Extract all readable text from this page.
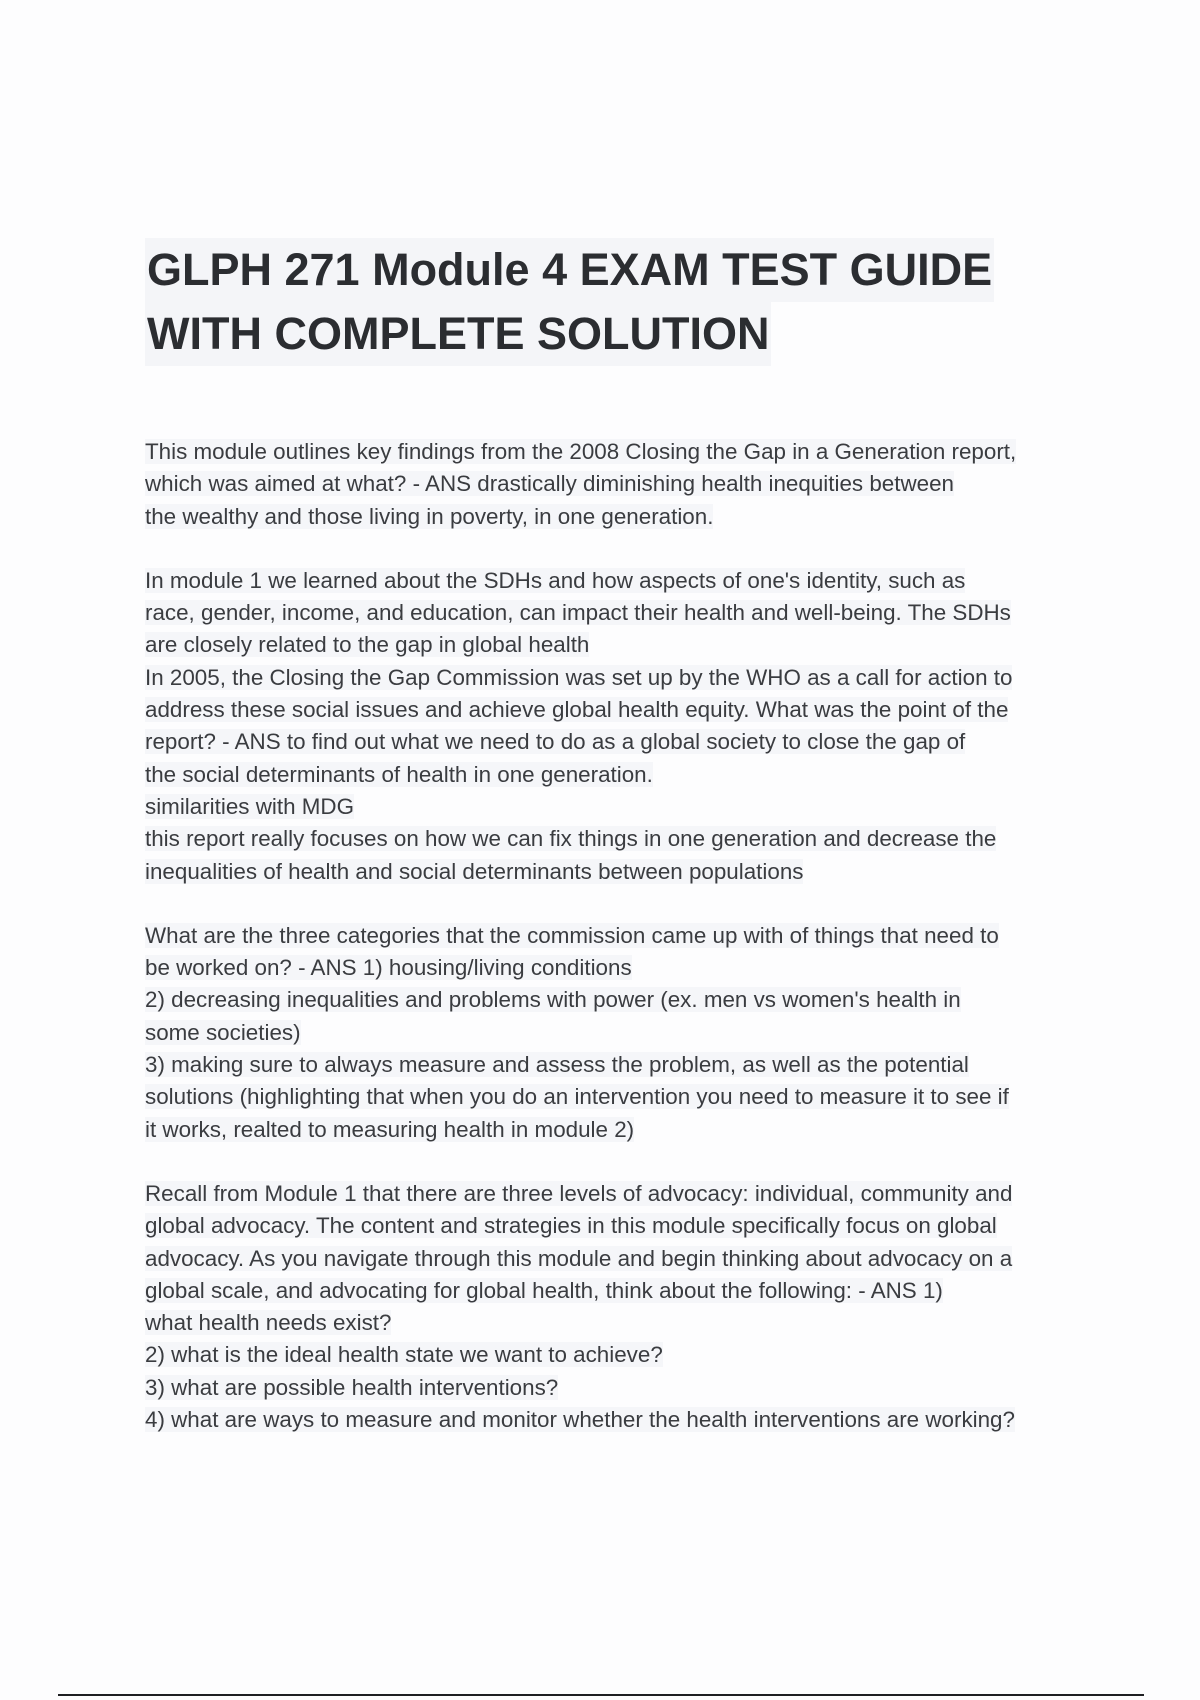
GLPH 271 Module 4 EXAM TEST GUIDE
WITH COMPLETE SOLUTION
This module outlines key findings from the 2008 Closing the Gap in a Generation report,
which was aimed at what? - ANS drastically diminishing health inequities between
the wealthy and those living in poverty, in one generation.
In module 1 we learned about the SDHs and how aspects of one's identity, such as
race, gender, income, and education, can impact their health and well-being. The SDHs
are closely related to the gap in global health
In 2005, the Closing the Gap Commission was set up by the WHO as a call for action to
address these social issues and achieve global health equity. What was the point of the
report? - ANS to find out what we need to do as a global society to close the gap of
the social determinants of health in one generation.
similarities with MDG
this report really focuses on how we can fix things in one generation and decrease the
inequalities of health and social determinants between populations
What are the three categories that the commission came up with of things that need to
be worked on? - ANS 1) housing/living conditions
2) decreasing inequalities and problems with power (ex. men vs women's health in
some societies)
3) making sure to always measure and assess the problem, as well as the potential
solutions (highlighting that when you do an intervention you need to measure it to see if
it works, realted to measuring health in module 2)
Recall from Module 1 that there are three levels of advocacy: individual, community and
global advocacy. The content and strategies in this module specifically focus on global
advocacy. As you navigate through this module and begin thinking about advocacy on a
global scale, and advocating for global health, think about the following: - ANS 1)
what health needs exist?
2) what is the ideal health state we want to achieve?
3) what are possible health interventions?
4) what are ways to measure and monitor whether the health interventions are working?
